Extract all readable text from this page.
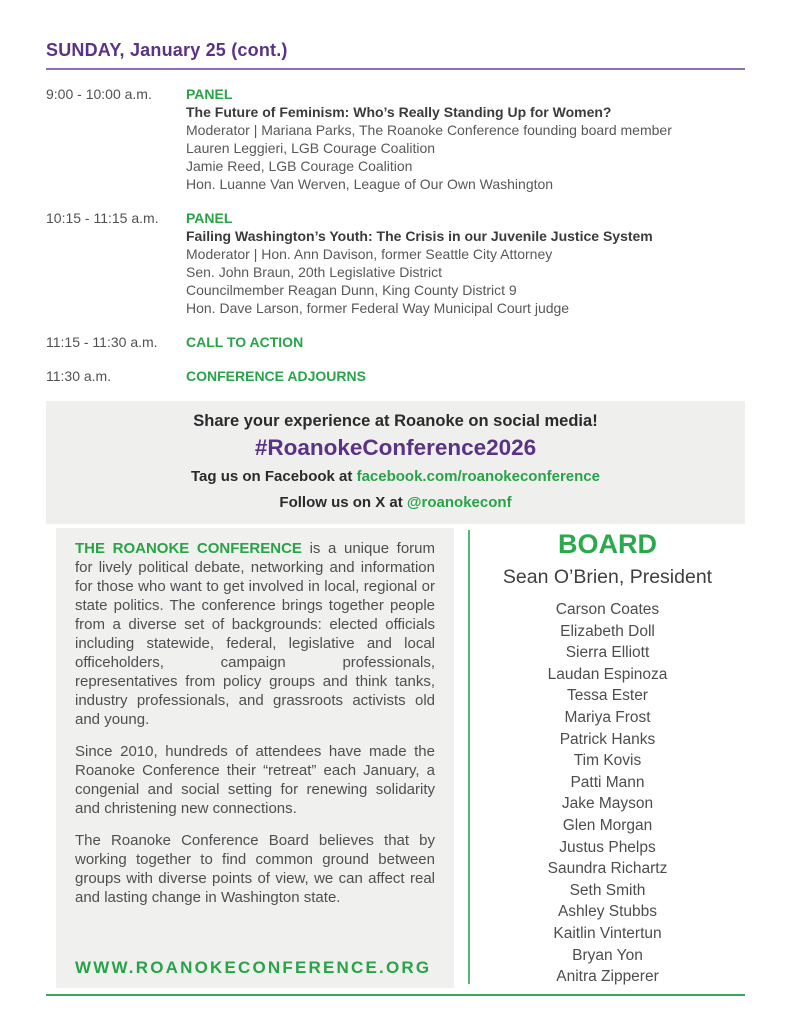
SUNDAY, January 25 (cont.)
9:00 - 10:00 a.m.	PANEL
The Future of Feminism: Who’s Really Standing Up for Women?
Moderator | Mariana Parks, The Roanoke Conference founding board member
Lauren Leggieri, LGB Courage Coalition
Jamie Reed, LGB Courage Coalition
Hon. Luanne Van Werven, League of Our Own Washington
10:15 - 11:15 a.m.	PANEL
Failing Washington’s Youth: The Crisis in our Juvenile Justice System
Moderator | Hon. Ann Davison, former Seattle City Attorney
Sen. John Braun, 20th Legislative District
Councilmember Reagan Dunn, King County District 9
Hon. Dave Larson, former Federal Way Municipal Court judge
11:15 - 11:30 a.m.	CALL TO ACTION
11:30 a.m.	CONFERENCE ADJOURNS
Share your experience at Roanoke on social media!
#RoanokeConference2026
Tag us on Facebook at facebook.com/roanokeconference
Follow us on X at @roanokeconf

THE ROANOKE CONFERENCE is a unique forum for lively political debate, networking and information for those who want to get involved in local, regional or state politics. The conference brings together people from a diverse set of backgrounds: elected officials including statewide, federal, legislative and local officeholders, campaign professionals, representatives from policy groups and think tanks, industry professionals, and grassroots activists old and young.

Since 2010, hundreds of attendees have made the Roanoke Conference their “retreat” each January, a congenial and social setting for renewing solidarity and christening new connections.

The Roanoke Conference Board believes that by working together to find common ground between groups with diverse points of view, we can affect real and lasting change in Washington state.

WWW.ROANOKECONFERENCE.ORG
BOARD
Sean O’Brien, President
Carson Coates
Elizabeth Doll
Sierra Elliott
Laudan Espinoza
Tessa Ester
Mariya Frost
Patrick Hanks
Tim Kovis
Patti Mann
Jake Mayson
Glen Morgan
Justus Phelps
Saundra Richartz
Seth Smith
Ashley Stubbs
Kaitlin Vintertun
Bryan Yon
Anitra Zipperer
